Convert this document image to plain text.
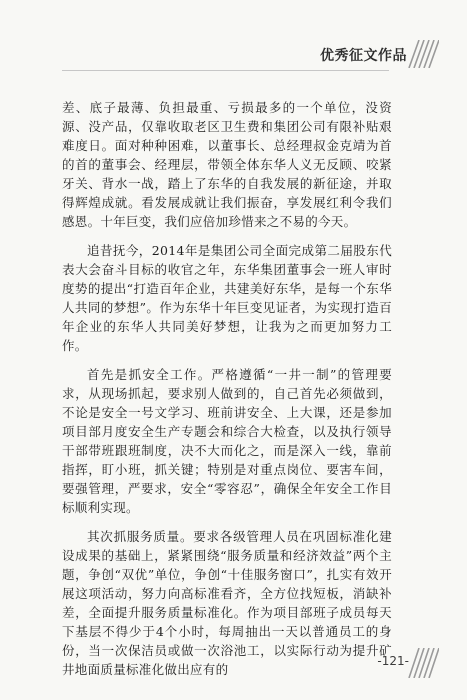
优秀征文作品

差、底子最薄、负担最重、亏损最多的一个单位，没资源、没产品，仅靠收取老区卫生费和集团公司有限补贴艰难度日。面对种种困难，以董事长、总经理叔金克靖为首的首的董事会、经理层，带领全体东华人义无反顾、咬紧牙关、背水一战，踏上了东华的自我发展的新征途，并取得辉煌成就。看发展成就让我们振奋，享发展红利令我们感恩。十年巨变，我们应倍加珍惜来之不易的今天。

追昔抚今，2014年是集团公司全面完成第二届股东代表大会奋斗目标的收官之年，东华集团董事会一班人审时度势的提出“打造百年企业，共建美好东华，是每一个东华人共同的梦想”。作为东华十年巨变见证者，为实现打造百年企业的东华人共同美好梦想，让我为之而更加努力工作。

首先是抓安全工作。严格遵循“一井一制”的管理要求，从现场抓起，要求别人做到的，自己首先必须做到，不论是安全一号文学习、班前讲安全、上大课，还是参加项目部月度安全生产专题会和综合大检查，以及执行领导干部带班跟班制度，决不大而化之，而是深入一线，靠前指挥，盯小班，抓关键；特别是对重点岗位、要害车间，要强管理，严要求，安全“零容忍”，确保全年安全工作目标顺利实现。

其次抓服务质量。要求各级管理人员在巩固标准化建设成果的基础上，紧紧围绕“服务质量和经济效益”两个主题，争创“双优”单位，争创“十佳服务窗口”，扎实有效开展这项活动，努力向高标准看齐，全方位找短板，消缺补差，全面提升服务质量标准化。作为项目部班子成员每天下基层不得少于4个小时，每周抽出一天以普通员工的身份，当一次保洁员或做一次浴池工，以实际行动为提升矿井地面质量标准化做出应有的

-121-
